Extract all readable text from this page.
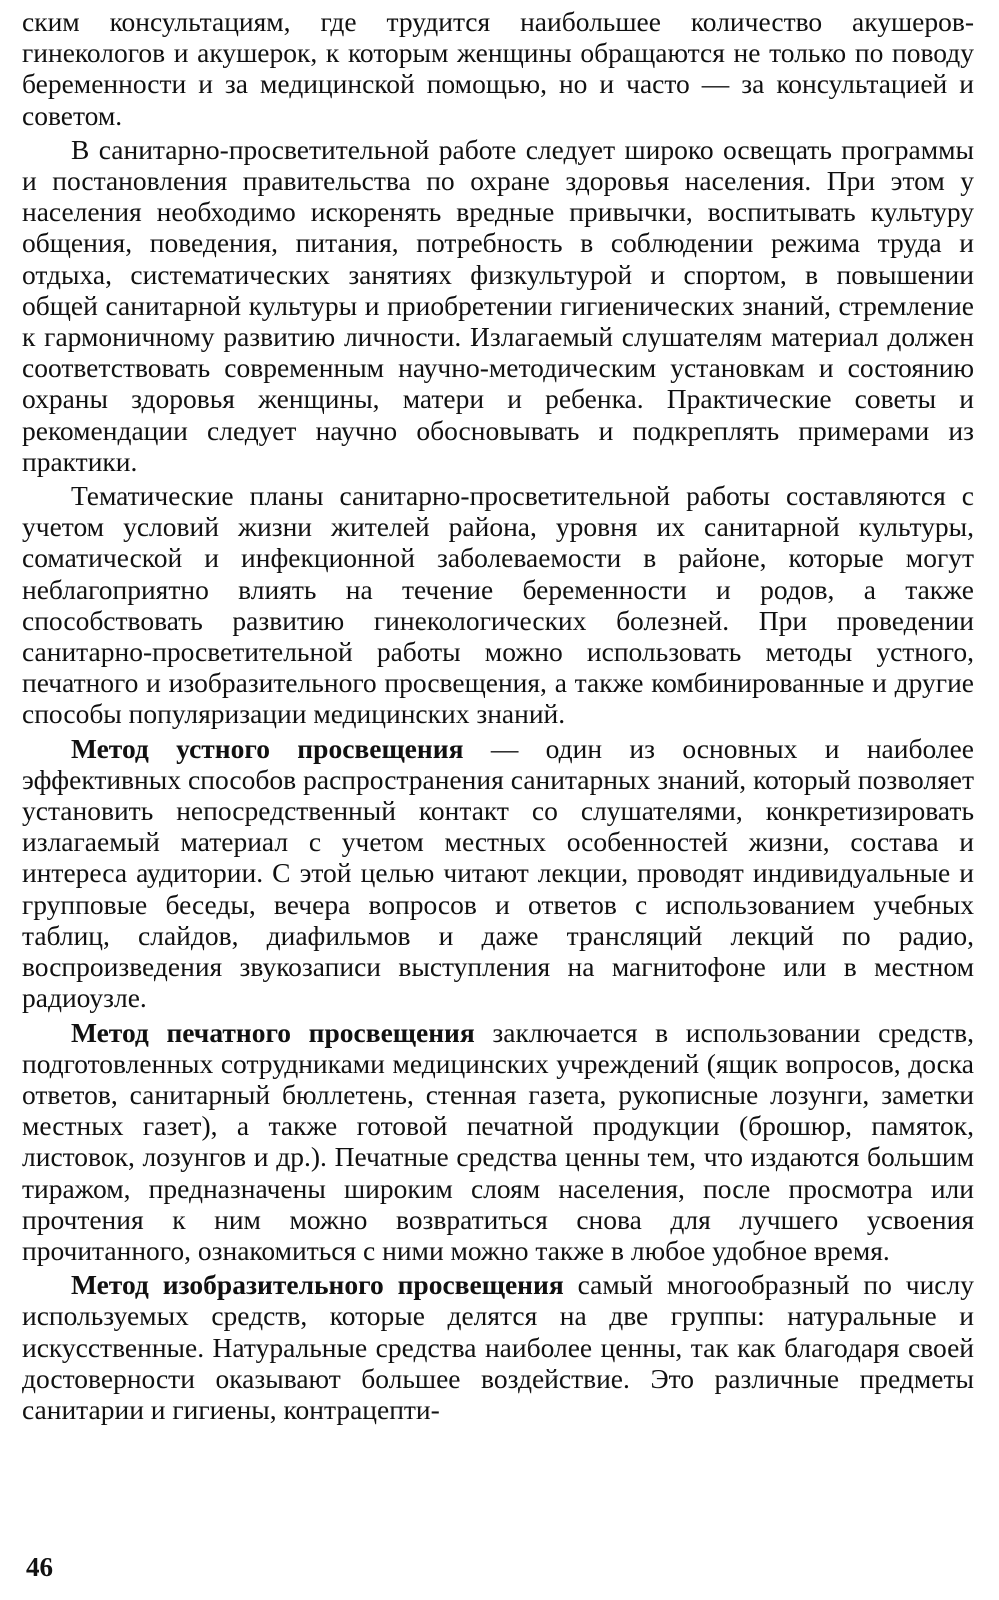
ским консультациям, где трудится наибольшее количество акушеров-гинекологов и акушерок, к которым женщины обращаются не только по поводу беременности и за медицинской помощью, но и часто — за консультацией и советом.

В санитарно-просветительной работе следует широко освещать программы и постановления правительства по охране здоровья населения. При этом у населения необходимо искоренять вредные привычки, воспитывать культуру общения, поведения, питания, потребность в соблюдении режима труда и отдыха, систематических занятиях физкультурой и спортом, в повышении общей санитарной культуры и приобретении гигиенических знаний, стремление к гармоничному развитию личности. Излагаемый слушателям материал должен соответствовать современным научно-методическим установкам и состоянию охраны здоровья женщины, матери и ребенка. Практические советы и рекомендации следует научно обосновывать и подкреплять примерами из практики.

Тематические планы санитарно-просветительной работы составляются с учетом условий жизни жителей района, уровня их санитарной культуры, соматической и инфекционной заболеваемости в районе, которые могут неблагоприятно влиять на течение беременности и родов, а также способствовать развитию гинекологических болезней. При проведении санитарно-просветительной работы можно использовать методы устного, печатного и изобразительного просвещения, а также комбинированные и другие способы популяризации медицинских знаний.

Метод устного просвещения — один из основных и наиболее эффективных способов распространения санитарных знаний, который позволяет установить непосредственный контакт со слушателями, конкретизировать излагаемый материал с учетом местных особенностей жизни, состава и интереса аудитории. С этой целью читают лекции, проводят индивидуальные и групповые беседы, вечера вопросов и ответов с использованием учебных таблиц, слайдов, диафильмов и даже трансляций лекций по радио, воспроизведения звукозаписи выступления на магнитофоне или в местном радиоузле.

Метод печатного просвещения заключается в использовании средств, подготовленных сотрудниками медицинских учреждений (ящик вопросов, доска ответов, санитарный бюллетень, стенная газета, рукописные лозунги, заметки местных газет), а также готовой печатной продукции (брошюр, памяток, листовок, лозунгов и др.). Печатные средства ценны тем, что издаются большим тиражом, предназначены широким слоям населения, после просмотра или прочтения к ним можно возвратиться снова для лучшего усвоения прочитанного, ознакомиться с ними можно также в любое удобное время.

Метод изобразительного просвещения самый многообразный по числу используемых средств, которые делятся на две группы: натуральные и искусственные. Натуральные средства наиболее ценны, так как благодаря своей достоверности оказывают большее воздействие. Это различные предметы санитарии и гигиены, контрацепти-

46
